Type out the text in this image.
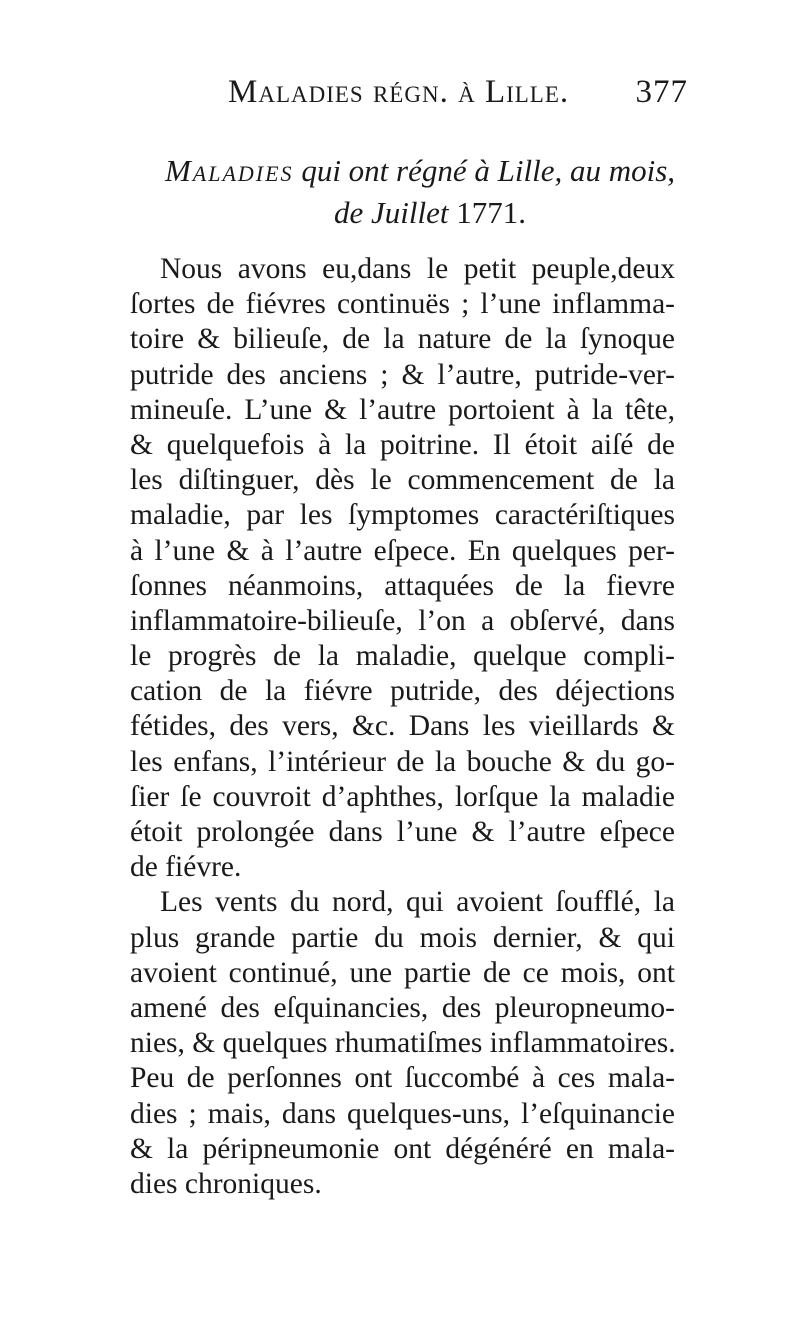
Maladies régn. à Lille. 377
Maladies qui ont régné à Lille, au mois,
de Juillet 1771.
Nous avons eu,dans le petit peuple,deux
ſortes de fiévres continuës ; l’une inflamma-
toire & bilieuſe, de la nature de la ſynoque
putride des anciens ; & l’autre, putride-ver-
mineuſe. L’une & l’autre portoient à la tête,
& quelquefois à la poitrine. Il étoit aiſé de
les diſtinguer, dès le commencement de la
maladie, par les ſymptomes caractériſtiques
à l’une & à l’autre eſpece. En quelques per-
ſonnes néanmoins, attaquées de la fievre
inflammatoire-bilieuſe, l’on a obſervé, dans
le progrès de la maladie, quelque compli-
cation de la fiévre putride, des déjections
fétides, des vers, &c. Dans les vieillards &
les enfans, l’intérieur de la bouche & du go-
ſier ſe couvroit d’aphthes, lorſque la maladie
étoit prolongée dans l’une & l’autre eſpece
de fiévre.
Les vents du nord, qui avoient ſoufflé, la
plus grande partie du mois dernier, & qui
avoient continué, une partie de ce mois, ont
amené des eſquinancies, des pleuropneumo-
nies, & quelques rhumatiſmes inflammatoires.
Peu de perſonnes ont ſuccombé à ces mala-
dies ; mais, dans quelques-uns, l’eſquinancie
& la péripneumonie ont dégénéré en mala-
dies chroniques.
